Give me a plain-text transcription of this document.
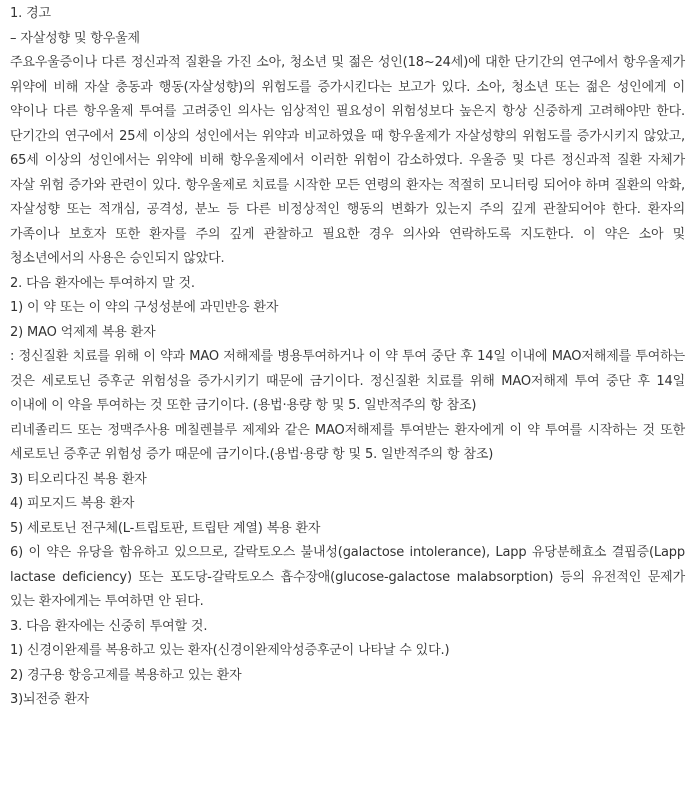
1. 경고

– 자살성향 및 항우울제

주요우울증이나 다른 정신과적 질환을 가진 소아, 청소년 및 젊은 성인(18~24세)에 대한 단기간의 연구에서 항우울제가 위약에 비해 자살 충동과 행동(자살성향)의 위험도를 증가시킨다는 보고가 있다. 소아, 청소년 또는 젊은 성인에게 이 약이나 다른 항우울제 투여를 고려중인 의사는 임상적인 필요성이 위험성보다 높은지 항상 신중하게 고려해야만 한다. 단기간의 연구에서 25세 이상의 성인에서는 위약과 비교하였을 때 항우울제가 자살성향의 위험도를 증가시키지 않았고, 65세 이상의 성인에서는 위약에 비해 항우울제에서 이러한 위험이 감소하였다. 우울증 및 다른 정신과적 질환 자체가 자살 위험 증가와 관련이 있다. 항우울제로 치료를 시작한 모든 연령의 환자는 적절히 모니터링 되어야 하며 질환의 악화, 자살성향 또는 적개심, 공격성, 분노 등 다른 비정상적인 행동의 변화가 있는지 주의 깊게 관찰되어야 한다. 환자의 가족이나 보호자 또한 환자를 주의 깊게 관찰하고 필요한 경우 의사와 연락하도록 지도한다. 이 약은 소아 및 청소년에서의 사용은 승인되지 않았다.

2. 다음 환자에는 투여하지 말 것.

1) 이 약 또는 이 약의 구성성분에 과민반응 환자

2) MAO 억제제 복용 환자

: 정신질환 치료를 위해 이 약과 MAO 저해제를 병용투여하거나 이 약 투여 중단 후 14일 이내에 MAO저해제를 투여하는 것은 세로토닌 증후군 위험성을 증가시키기 때문에 금기이다. 정신질환 치료를 위해 MAO저해제 투여 중단 후 14일 이내에 이 약을 투여하는 것 또한 금기이다. (용법·용량 항 및 5. 일반적주의 항 참조)

리네졸리드 또는 정맥주사용 메칠렌블루 제제와 같은 MAO저해제를 투여받는 환자에게 이 약 투여를 시작하는 것 또한 세로토닌 증후군 위험성 증가 때문에 금기이다.(용법·용량 항 및 5. 일반적주의 항 참조)

3) 티오리다진 복용 환자

4) 피모지드 복용 환자

5) 세로토닌 전구체(L-트립토판, 트립탄 계열) 복용 환자

6) 이 약은 유당을 함유하고 있으므로, 갈락토오스 불내성(galactose intolerance), Lapp 유당분해효소 결핍증(Lapp lactase deficiency) 또는 포도당-갈락토오스 흡수장애(glucose-galactose malabsorption) 등의 유전적인 문제가 있는 환자에게는 투여하면 안 된다.

3. 다음 환자에는 신중히 투여할 것.

1) 신경이완제를 복용하고 있는 환자(신경이완제악성증후군이 나타날 수 있다.)

2) 경구용 항응고제를 복용하고 있는 환자

3)뇌전증 환자
